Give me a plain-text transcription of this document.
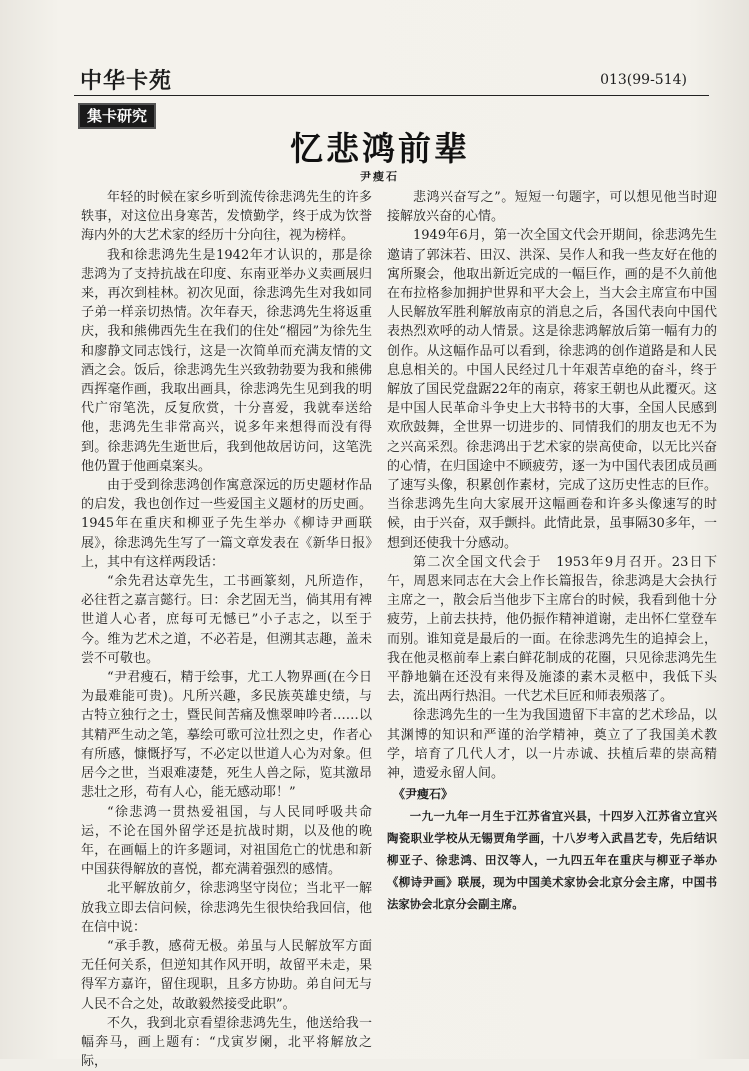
中华卡苑	013(99-514)
集卡研究
忆悲鸿前辈
尹瘦石

年轻的时候在家乡听到流传徐悲鸿先生的许多轶事，对这位出身寒苦，发愤勤学，终于成为饮誉海内外的大艺术家的经历十分向往，视为榜样。

我和徐悲鸿先生是1942年才认识的，那是徐悲鸿为了支持抗战在印度、东南亚举办义卖画展归来，再次到桂林。初次见面，徐悲鸿先生对我如同子弟一样亲切热情。次年春天，徐悲鸿先生将返重庆，我和熊佛西先生在我们的住处“榴园”为徐先生和廖静文同志饯行，这是一次简单而充满友情的文酒之会。饭后，徐悲鸿先生兴致勃勃要为我和熊佛西挥毫作画，我取出画具，徐悲鸿先生见到我的明代广帘笔洗，反复欣赏，十分喜爱，我就奉送给他，悲鸿先生非常高兴，说多年来想得而没有得到。徐悲鸿先生逝世后，我到他故居访问，这笔洗他仍置于他画桌案头。

由于受到徐悲鸿创作寓意深远的历史题材作品的启发，我也创作过一些爱国主义题材的历史画。1945年在重庆和柳亚子先生举办《柳诗尹画联展》，徐悲鸿先生写了一篇文章发表在《新华日报》上，其中有这样两段话：

“余先君达章先生，工书画篆刻，凡所造作，必往哲之嘉言懿行。曰：余艺固无当，倘其用有裨世道人心者，庶每可无憾已”小子志之，以至于今。维为艺术之道，不必若是，但溯其志趣，盖未尝不可敬也。

“尹君瘦石，精于绘事，尤工人物界画(在今日为最难能可贵)。凡所兴趣，多民族英雄史绩，与古特立独行之士，暨民间苦痛及憔翠呻吟者……以其精严生动之笔，摹绘可歌可泣壮烈之史，作者心有所感，慷慨抒写，不必定以世道人心为对象。但居今之世，当艰难凄楚，死生人兽之际，览其激昂悲壮之形，苟有人心，能无感动耶！”

“徐悲鸿一贯热爱祖国，与人民同呼吸共命运，不论在国外留学还是抗战时期，以及他的晚年，在画幅上的许多题词，对祖国危亡的忧患和新中国获得解放的喜悦，都充满着强烈的感情。

北平解放前夕，徐悲鸿坚守岗位；当北平一解放我立即去信问候，徐悲鸿先生很快给我回信，他在信中说：

“承手教，感荷无极。弟虽与人民解放军方面无任何关系，但逆知其作风开明，故留平未走，果得军方嘉许，留住现职，且多方协助。弟自问无与人民不合之处，故敢毅然接受此职”。

不久，我到北京看望徐悲鸿先生，他送给我一幅奔马，画上题有：“戊寅岁阑，北平将解放之际，

悲鸿兴奋写之”。短短一句题字，可以想见他当时迎接解放兴奋的心情。

1949年6月，第一次全国文代会开期间，徐悲鸿先生邀请了郭沫若、田汉、洪深、吴作人和我一些友好在他的寓所聚会，他取出新近完成的一幅巨作，画的是不久前他在布拉格参加拥护世界和平大会上，当大会主席宣布中国人民解放军胜利解放南京的消息之后，各国代表向中国代表热烈欢呼的动人情景。这是徐悲鸿解放后第一幅有力的创作。从这幅作品可以看到，徐悲鸿的创作道路是和人民息息相关的。中国人民经过几十年艰苦卓绝的奋斗，终于解放了国民党盘踞22年的南京，蒋家王朝也从此覆灭。这是中国人民革命斗争史上大书特书的大事，全国人民感到欢欣鼓舞，全世界一切进步的、同情我们的朋友也无不为之兴高采烈。徐悲鸿出于艺术家的崇高使命，以无比兴奋的心情，在归国途中不顾疲劳，逐一为中国代表团成员画了速写头像，积累创作素材，完成了这历史性志的巨作。当徐悲鸿先生向大家展开这幅画卷和许多头像速写的时候，由于兴奋，双手颤抖。此情此景，虽事隔30多年，一想到还使我十分感动。

第二次全国文代会于　1953年9月召开。23日下午，周恩来同志在大会上作长篇报告，徐悲鸿是大会执行主席之一，散会后当他步下主席台的时候，我看到他十分疲劳，上前去扶持，他仍振作精神道谢，走出怀仁堂登车而别。谁知竟是最后的一面。在徐悲鸿先生的追掉会上，我在他灵柩前奉上素白鲜花制成的花圈，只见徐悲鸿先生平静地躺在还没有来得及施漆的素木灵柩中，我低下头去，流出两行热泪。一代艺术巨匠和师表殒落了。

徐悲鸿先生的一生为我国遗留下丰富的艺术珍品，以其渊博的知识和严谨的治学精神，奠立了了我国美术教学，培育了几代人才，以一片赤诚、扶植后辈的崇高精神，遗爱永留人间。

《尹瘦石》

一九一九年一月生于江苏省宜兴县，十四岁入江苏省立宜兴陶瓷职业学校从无锡贾角学画，十八岁考入武昌艺专，先后结识柳亚子、徐悲鸿、田汉等人，一九四五年在重庆与柳亚子举办《柳诗尹画》联展，现为中国美术家协会北京分会主席，中国书法家协会北京分会副主席。
